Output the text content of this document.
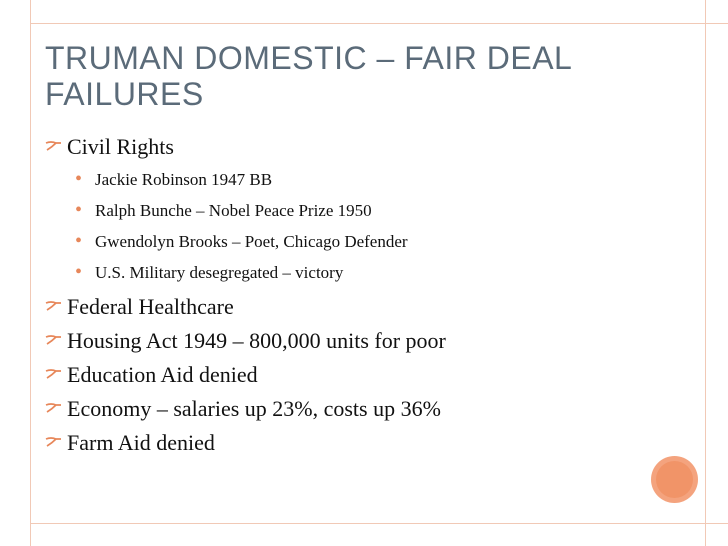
TRUMAN DOMESTIC – FAIR DEAL FAILURES
Civil Rights
• Jackie Robinson 1947 BB
• Ralph Bunche – Nobel Peace Prize 1950
• Gwendolyn Brooks – Poet, Chicago Defender
• U.S. Military desegregated – victory
Federal Healthcare
Housing Act 1949 – 800,000 units for poor
Education Aid denied
Economy – salaries up 23%, costs up 36%
Farm Aid denied
